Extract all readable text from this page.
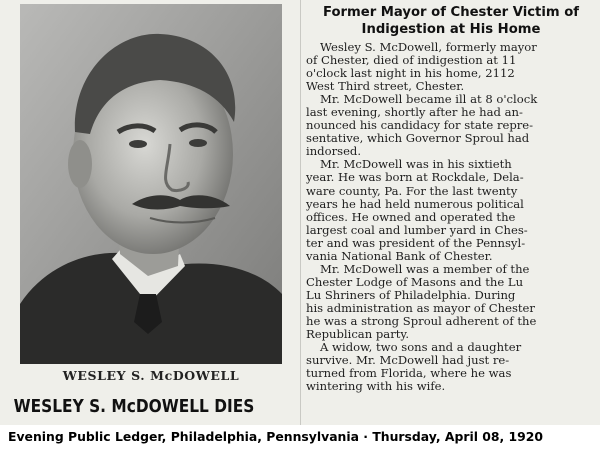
WESLEY S. McDOWELL
WESLEY S. McDOWELL DIES
Former Mayor of Chester Victim of
Indigestion at His Home
Wesley S. McDowell, formerly mayor
of Chester, died of indigestion at 11
o'clock last night in his home, 2112
West Third street, Chester.
Mr. McDowell became ill at 8 o'clock
last evening, shortly after he had an-
nounced his candidacy for state repre-
sentative, which Governor Sproul had
indorsed.
Mr. McDowell was in his sixtieth
year. He was born at Rockdale, Dela-
ware county, Pa. For the last twenty
years he had held numerous political
offices. He owned and operated the
largest coal and lumber yard in Ches-
ter and was president of the Pennsyl-
vania National Bank of Chester.
Mr. McDowell was a member of the
Chester Lodge of Masons and the Lu
Lu Shriners of Philadelphia. During
his administration as mayor of Chester
he was a strong Sproul adherent of the
Republican party.
A widow, two sons and a daughter
survive. Mr. McDowell had just re-
turned from Florida, where he was
wintering with his wife.
Evening Public Ledger, Philadelphia, Pennsylvania · Thursday, April 08, 1920
